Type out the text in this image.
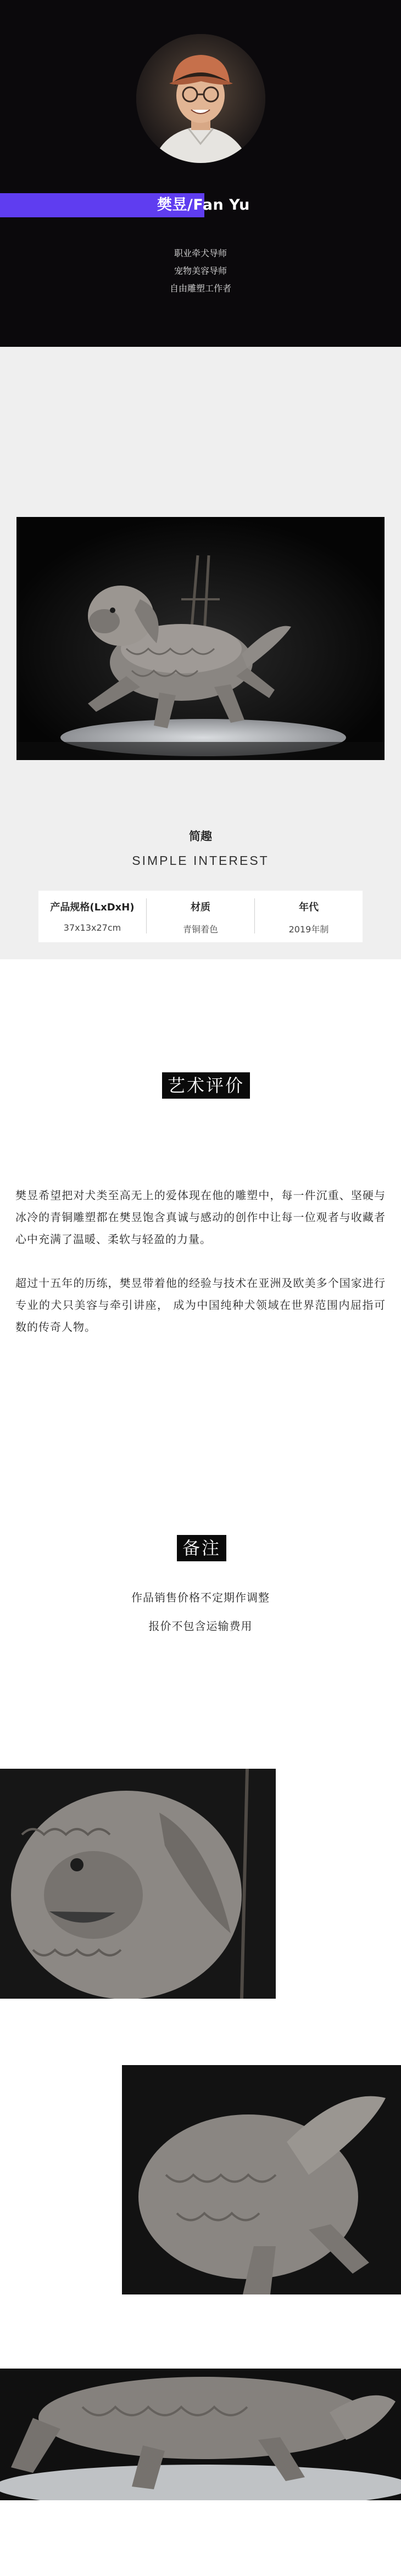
樊昱/Fan Yu
职业牵犬导师
宠物美容导师
自由雕塑工作者
简趣
SIMPLE INTEREST
产品规格(LxDxH)
37x13x27cm
材质
青铜着色
年代
2019年制
艺术评价
樊昱希望把对犬类至高无上的爱体现在他的雕塑中，每一件沉重、坚硬与冰冷的青铜雕塑都在樊昱饱含真诚与感动的创作中让每一位观者与收藏者心中充满了温暖、柔软与轻盈的力量。
超过十五年的历练，樊昱带着他的经验与技术在亚洲及欧美多个国家进行专业的犬只美容与牵引讲座， 成为中国纯种犬领域在世界范围内屈指可数的传奇人物。
备注
作品销售价格不定期作调整
报价不包含运输费用
